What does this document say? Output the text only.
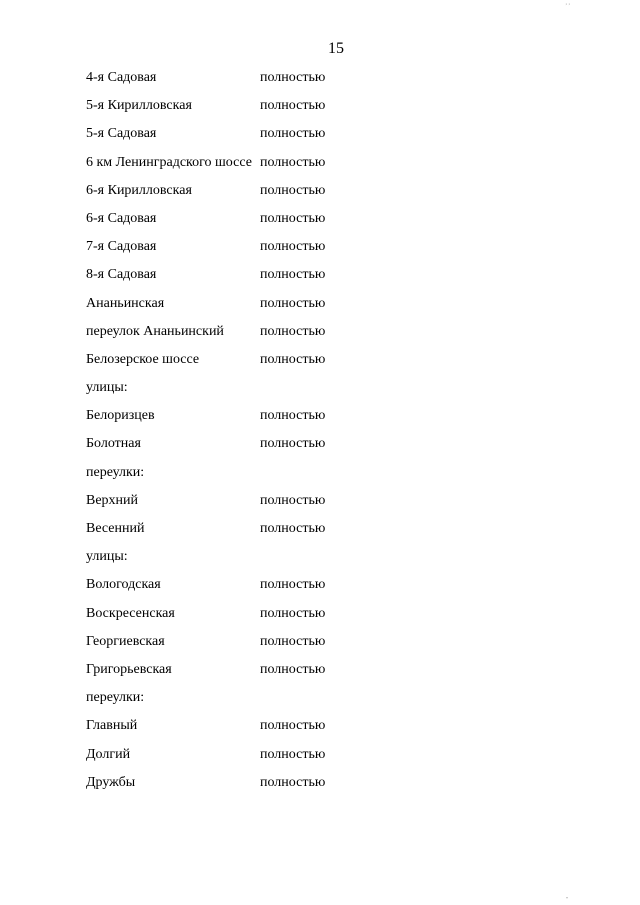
, ,
15
4-я Садовая	полностью
5-я Кирилловская	полностью
5-я Садовая	полностью
6 км Ленинградского шоссе полностью
6-я Кирилловская	полностью
6-я Садовая	полностью
7-я Садовая	полностью
8-я Садовая	полностью
Ананьинская	полностью
переулок Ананьинский	полностью
Белозерское шоссе	полностью
улицы:
Белоризцев	полностью
Болотная	полностью
переулки:
Верхний	полностью
Весенний	полностью
улицы:
Вологодская	полностью
Воскресенская	полностью
Георгиевская	полностью
Григорьевская	полностью
переулки:
Главный	полностью
Долгий	полностью
Дружбы	полностью
''
